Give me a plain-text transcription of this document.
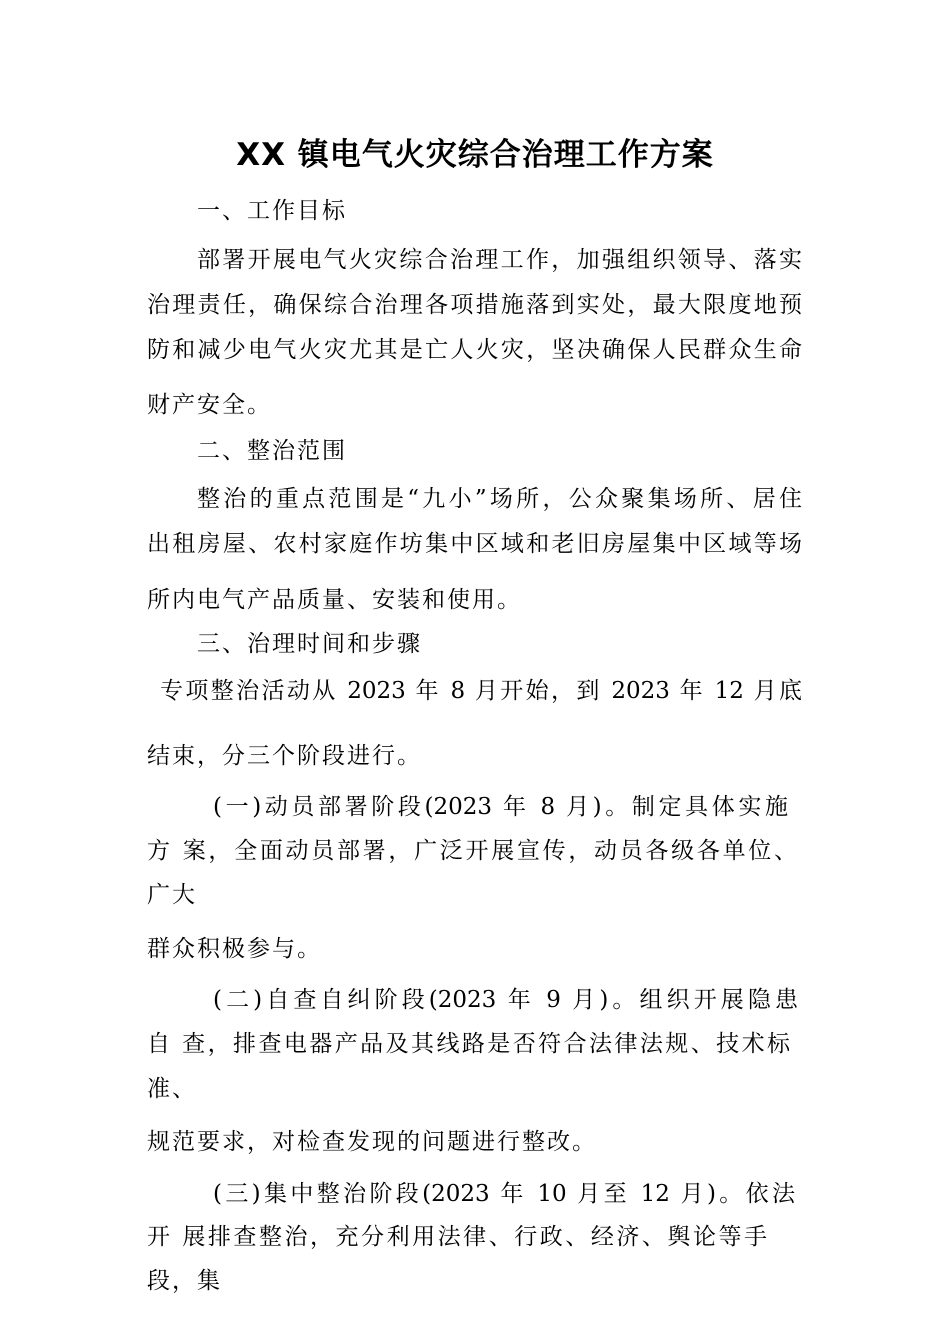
XX 镇电气火灾综合治理工作方案
一、工作目标
部署开展电气火灾综合治理工作，加强组织领导、落实
治理责任，确保综合治理各项措施落到实处，最大限度地预
防和减少电气火灾尤其是亡人火灾，坚决确保人民群众生命
财产安全。
二、整治范围
整治的重点范围是“九小”场所，公众聚集场所、居住
出租房屋、农村家庭作坊集中区域和老旧房屋集中区域等场
所内电气产品质量、安装和使用。
三、治理时间和步骤
专项整治活动从 2023 年 8 月开始，到 2023 年 12 月底
结束，分三个阶段进行。
(一)动员部署阶段(2023 年 8 月)。制定具体实施
方 案，全面动员部署，广泛开展宣传，动员各级各单位、
广大
群众积极参与。
(二)自查自纠阶段(2023 年 9 月)。组织开展隐患
自 查，排查电器产品及其线路是否符合法律法规、技术标
准、
规范要求，对检查发现的问题进行整改。
(三)集中整治阶段(2023 年 10 月至 12 月)。依法
开 展排查整治，充分利用法律、行政、经济、舆论等手
段，集
